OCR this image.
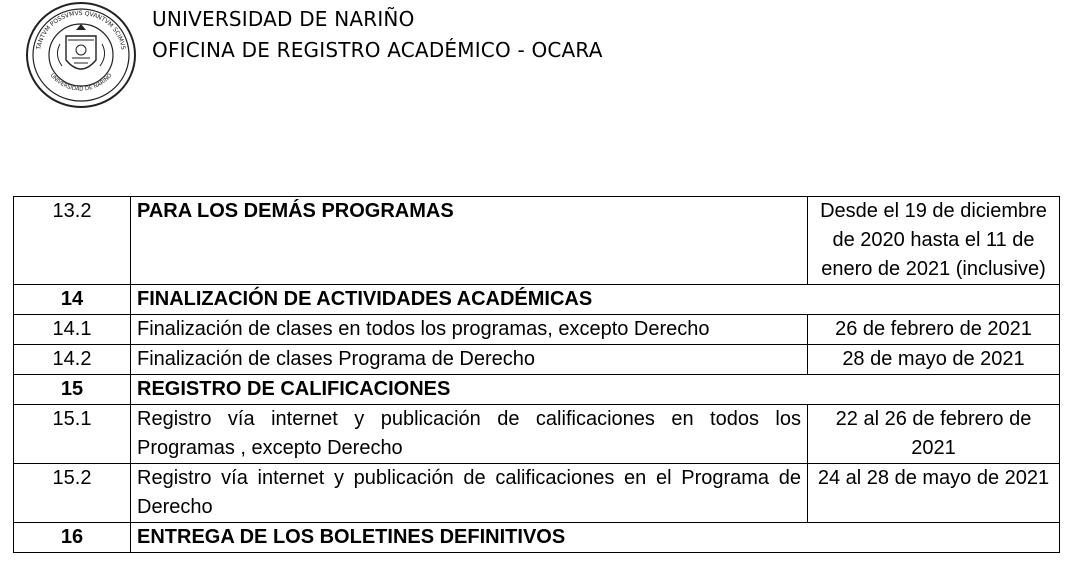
TANTVM POSSVMVS QVANTVM SCIMVS
UNIVERSIDAD DE NARIÑO
UNIVERSIDAD DE NARIÑO
OFICINA DE REGISTRO ACADÉMICO - OCARA
13.2	PARA LOS DEMÁS PROGRAMAS	Desde el 19 de diciembre de 2020 hasta el 11 de enero de 2021 (inclusive)
14	FINALIZACIÓN DE ACTIVIDADES ACADÉMICAS	
14.1	Finalización de clases en todos los programas, excepto Derecho	26 de febrero de 2021
14.2	Finalización de clases Programa de Derecho	28 de mayo de 2021
15	REGISTRO DE CALIFICACIONES	
15.1	Registro vía internet y publicación de calificaciones en todos los Programas , excepto Derecho	22 al 26 de febrero de 2021
15.2	Registro vía internet y publicación de calificaciones en el Programa de Derecho	24 al 28 de mayo de 2021
16	ENTREGA DE LOS BOLETINES DEFINITIVOS	
